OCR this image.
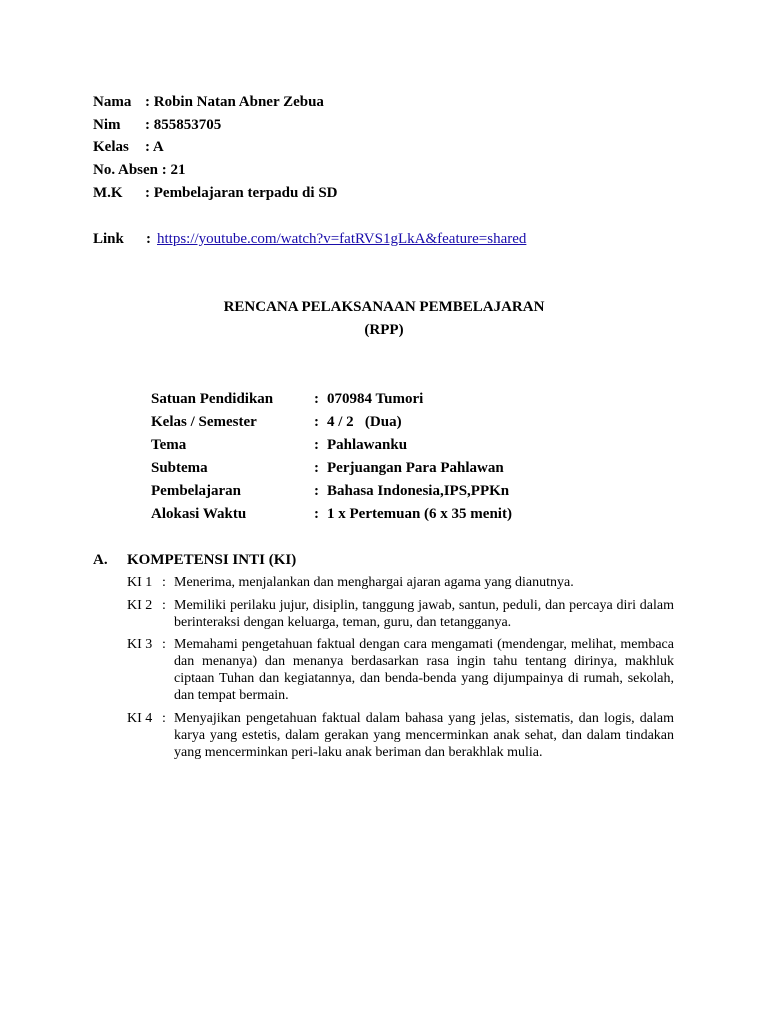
Nama : Robin Natan Abner Zebua
Nim : 855853705
Kelas : A
No. Absen : 21
M.K : Pembelajaran terpadu di SD
Link : https://youtube.com/watch?v=fatRVS1gLkA&feature=shared
RENCANA PELAKSANAAN PEMBELAJARAN
(RPP)
Satuan Pendidikan	: 070984 Tumori
Kelas / Semester	: 4 / 2   (Dua)
Tema	: Pahlawanku
Subtema	: Perjuangan Para Pahlawan
Pembelajaran	: Bahasa Indonesia,IPS,PPKn
Alokasi Waktu	: 1 x Pertemuan (6 x 35 menit)
A. KOMPETENSI INTI (KI)
KI 1 : Menerima, menjalankan dan menghargai ajaran agama yang dianutnya.
KI 2 : Memiliki perilaku jujur, disiplin, tanggung jawab, santun, peduli, dan percaya diri dalam berinteraksi dengan keluarga, teman, guru, dan tetangganya.
KI 3 : Memahami pengetahuan faktual dengan cara mengamati (mendengar, melihat, membaca dan menanya) dan menanya berdasarkan rasa ingin tahu tentang dirinya, makhluk ciptaan Tuhan dan kegiatannya, dan benda-benda yang dijumpainya di rumah, sekolah, dan tempat bermain.
KI 4 : Menyajikan pengetahuan faktual dalam bahasa yang jelas, sistematis, dan logis, dalam karya yang estetis, dalam gerakan yang mencerminkan anak sehat, dan dalam tindakan yang mencerminkan peri-laku anak beriman dan berakhlak mulia.
